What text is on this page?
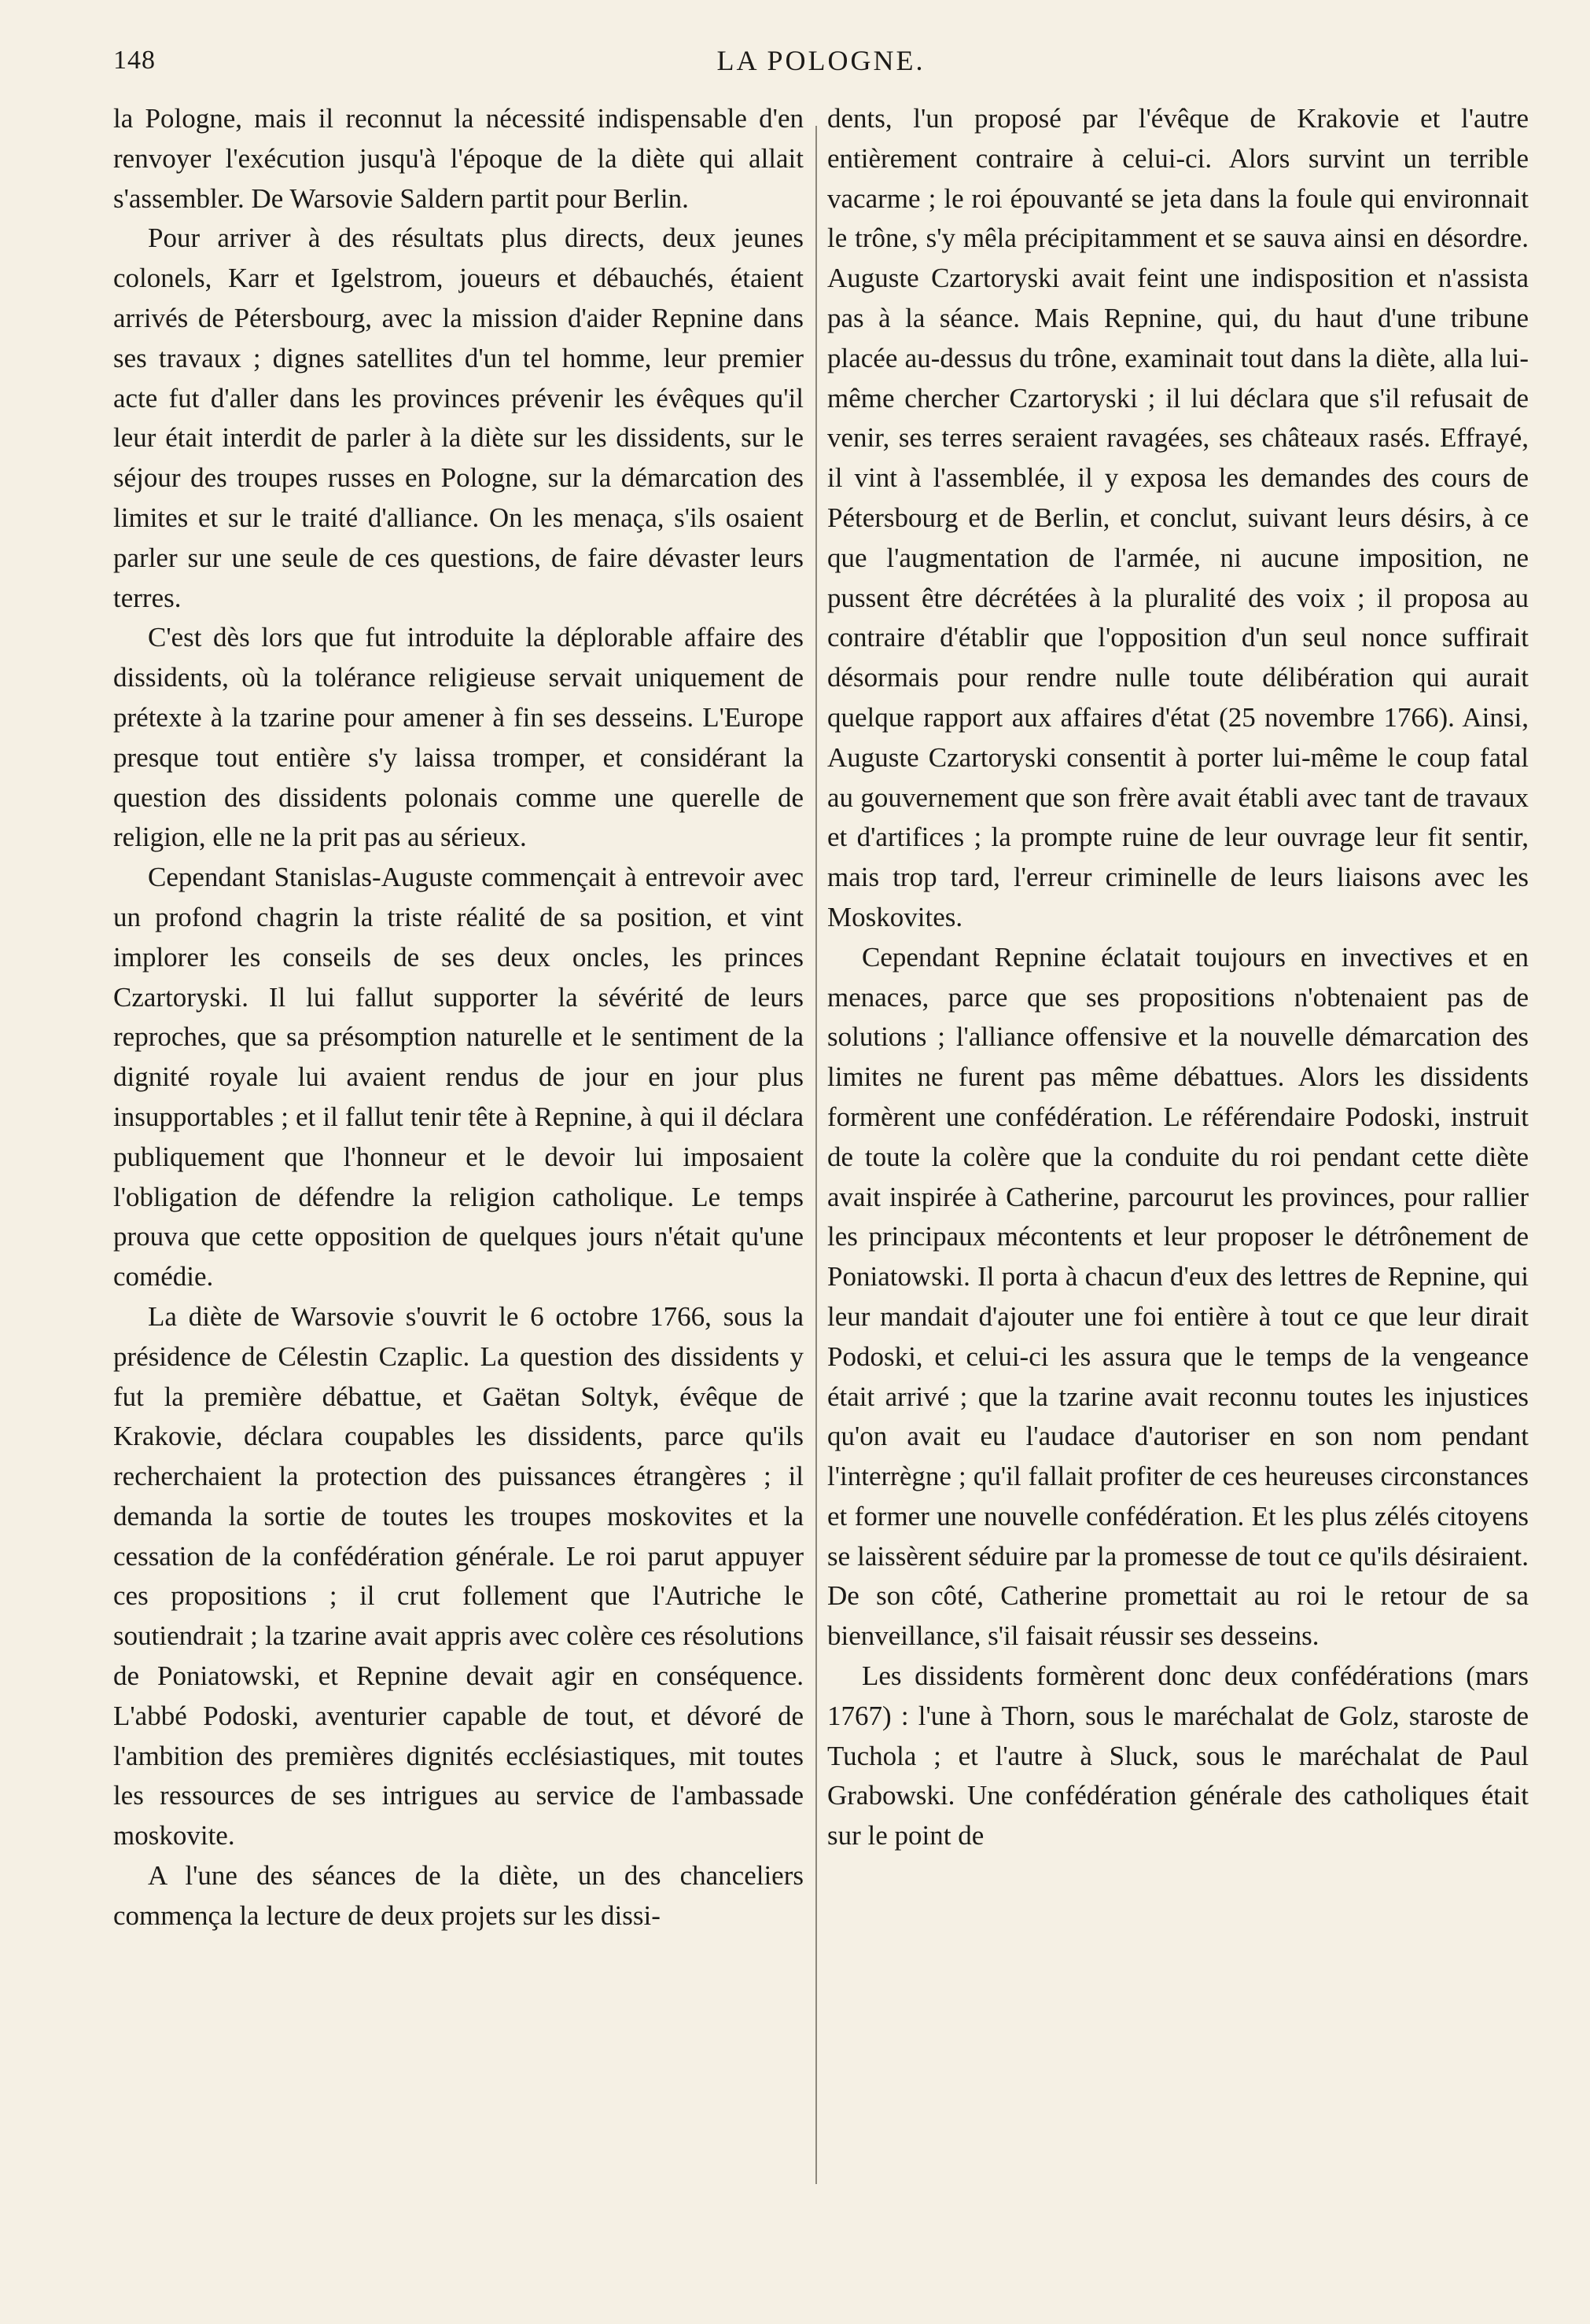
148	LA POLOGNE.

la Pologne, mais il reconnut la nécessité indispensable d'en renvoyer l'exécution jusqu'à l'époque de la diète qui allait s'assembler. De Warsovie Saldern partit pour Berlin.

Pour arriver à des résultats plus directs, deux jeunes colonels, Karr et Igelstrom, joueurs et débauchés, étaient arrivés de Pétersbourg, avec la mission d'aider Repnine dans ses travaux ; dignes satellites d'un tel homme, leur premier acte fut d'aller dans les provinces prévenir les évêques qu'il leur était interdit de parler à la diète sur les dissidents, sur le séjour des troupes russes en Pologne, sur la démarcation des limites et sur le traité d'alliance. On les menaça, s'ils osaient parler sur une seule de ces questions, de faire dévaster leurs terres.

C'est dès lors que fut introduite la déplorable affaire des dissidents, où la tolérance religieuse servait uniquement de prétexte à la tzarine pour amener à fin ses desseins. L'Europe presque tout entière s'y laissa tromper, et considérant la question des dissidents polonais comme une querelle de religion, elle ne la prit pas au sérieux.

Cependant Stanislas-Auguste commençait à entrevoir avec un profond chagrin la triste réalité de sa position, et vint implorer les conseils de ses deux oncles, les princes Czartoryski. Il lui fallut supporter la sévérité de leurs reproches, que sa présomption naturelle et le sentiment de la dignité royale lui avaient rendus de jour en jour plus insupportables ; et il fallut tenir tête à Repnine, à qui il déclara publiquement que l'honneur et le devoir lui imposaient l'obligation de défendre la religion catholique. Le temps prouva que cette opposition de quelques jours n'était qu'une comédie.

La diète de Warsovie s'ouvrit le 6 octobre 1766, sous la présidence de Célestin Czaplic. La question des dissidents y fut la première débattue, et Gaëtan Soltyk, évêque de Krakovie, déclara coupables les dissidents, parce qu'ils recherchaient la protection des puissances étrangères ; il demanda la sortie de toutes les troupes moskovites et la cessation de la confédération générale. Le roi parut appuyer ces propositions ; il crut follement que l'Autriche le soutiendrait ; la tzarine avait appris avec colère ces résolutions de Poniatowski, et Repnine devait agir en conséquence. L'abbé Podoski, aventurier capable de tout, et dévoré de l'ambition des premières dignités ecclésiastiques, mit toutes les ressources de ses intrigues au service de l'ambassade moskovite.

A l'une des séances de la diète, un des chanceliers commença la lecture de deux projets sur les dissi-

dents, l'un proposé par l'évêque de Krakovie et l'autre entièrement contraire à celui-ci. Alors survint un terrible vacarme ; le roi épouvanté se jeta dans la foule qui environnait le trône, s'y mêla précipitamment et se sauva ainsi en désordre. Auguste Czartoryski avait feint une indisposition et n'assista pas à la séance. Mais Repnine, qui, du haut d'une tribune placée au-dessus du trône, examinait tout dans la diète, alla lui-même chercher Czartoryski ; il lui déclara que s'il refusait de venir, ses terres seraient ravagées, ses châteaux rasés. Effrayé, il vint à l'assemblée, il y exposa les demandes des cours de Pétersbourg et de Berlin, et conclut, suivant leurs désirs, à ce que l'augmentation de l'armée, ni aucune imposition, ne pussent être décrétées à la pluralité des voix ; il proposa au contraire d'établir que l'opposition d'un seul nonce suffirait désormais pour rendre nulle toute délibération qui aurait quelque rapport aux affaires d'état (25 novembre 1766). Ainsi, Auguste Czartoryski consentit à porter lui-même le coup fatal au gouvernement que son frère avait établi avec tant de travaux et d'artifices ; la prompte ruine de leur ouvrage leur fit sentir, mais trop tard, l'erreur criminelle de leurs liaisons avec les Moskovites.

Cependant Repnine éclatait toujours en invectives et en menaces, parce que ses propositions n'obtenaient pas de solutions ; l'alliance offensive et la nouvelle démarcation des limites ne furent pas même débattues. Alors les dissidents formèrent une confédération. Le référendaire Podoski, instruit de toute la colère que la conduite du roi pendant cette diète avait inspirée à Catherine, parcourut les provinces, pour rallier les principaux mécontents et leur proposer le détrônement de Poniatowski. Il porta à chacun d'eux des lettres de Repnine, qui leur mandait d'ajouter une foi entière à tout ce que leur dirait Podoski, et celui-ci les assura que le temps de la vengeance était arrivé ; que la tzarine avait reconnu toutes les injustices qu'on avait eu l'audace d'autoriser en son nom pendant l'interrègne ; qu'il fallait profiter de ces heureuses circonstances et former une nouvelle confédération. Et les plus zélés citoyens se laissèrent séduire par la promesse de tout ce qu'ils désiraient. De son côté, Catherine promettait au roi le retour de sa bienveillance, s'il faisait réussir ses desseins.

Les dissidents formèrent donc deux confédérations (mars 1767) : l'une à Thorn, sous le maréchalat de Golz, staroste de Tuchola ; et l'autre à Sluck, sous le maréchalat de Paul Grabowski. Une confédération générale des catholiques était sur le point de
